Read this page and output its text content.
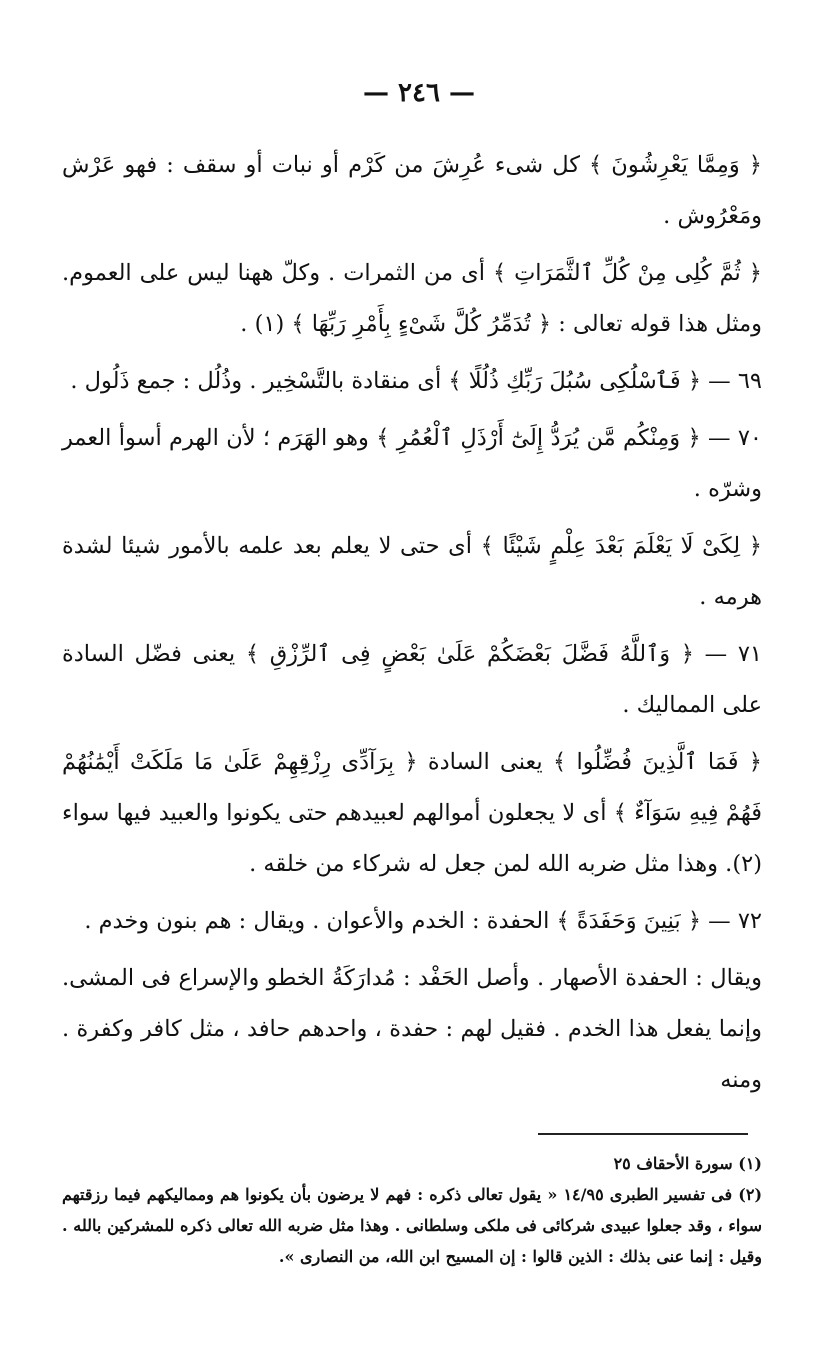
— ٢٤٦ —

﴿ وَمِمَّا يَعْرِشُونَ ﴾ كل شىء عُرِشَ من كَرْم أو نبات أو سقف : فهو عَرْش ومَعْرُوش .

﴿ ثُمَّ كُلِى مِنْ كُلِّ ٱلثَّمَرَاتِ ﴾ أى من الثمرات . وكلّ ههنا ليس على العموم. ومثل هذا قوله تعالى : ﴿ تُدَمِّرُ كُلَّ شَىْءٍ بِأَمْرِ رَبِّهَا ﴾ (١) .

٦٩ — ﴿ فَٱسْلُكِى سُبُلَ رَبِّكِ ذُلُلًا ﴾ أى منقادة بالتَّسْخِير . وذُلُل : جمع ذَلُول .

٧٠ — ﴿ وَمِنْكُم مَّن يُرَدُّ إِلَىٰٓ أَرْذَلِ ٱلْعُمُرِ ﴾ وهو الهَرَم ؛ لأن الهرم أسوأ العمر وشرّه .

﴿ لِكَىْ لَا يَعْلَمَ بَعْدَ عِلْمٍ شَيْئًا ﴾ أى حتى لا يعلم بعد علمه بالأمور شيئا لشدة هرمه .

٧١ — ﴿ وَٱللَّهُ فَضَّلَ بَعْضَكُمْ عَلَىٰ بَعْضٍ فِى ٱلرِّزْقِ ﴾ يعنى فضّل السادة على المماليك .

﴿ فَمَا ٱلَّذِينَ فُضِّلُوا ﴾ يعنى السادة ﴿ بِرَآدِّى رِزْقِهِمْ عَلَىٰ مَا مَلَكَتْ أَيْمَٰنُهُمْ فَهُمْ فِيهِ سَوَآءٌ ﴾ أى لا يجعلون أموالهم لعبيدهم حتى يكونوا والعبيد فيها سواء (٢). وهذا مثل ضربه الله لمن جعل له شركاء من خلقه .

٧٢ — ﴿ بَنِينَ وَحَفَدَةً ﴾ الحفدة : الخدم والأعوان . ويقال : هم بنون وخدم .

ويقال : الحفدة الأصهار . وأصل الحَفْد : مُدارَكَةُ الخطو والإسراع فى المشى. وإنما يفعل هذا الخدم . فقيل لهم : حفدة ، واحدهم حافد ، مثل كافر وكفرة . ومنه

(١) سورة الأحقاف ٢٥

(٢) فى تفسير الطبرى ١٤/٩٥ « يقول تعالى ذكره : فهم لا يرضون بأن يكونوا هم ومماليكهم فيما رزقتهم سواء ، وقد جعلوا عبيدى شركائى فى ملكى وسلطانى . وهذا مثل ضربه الله تعالى ذكره للمشركين بالله . وقيل : إنما عنى بذلك : الذين قالوا : إن المسيح ابن الله، من النصارى ».
